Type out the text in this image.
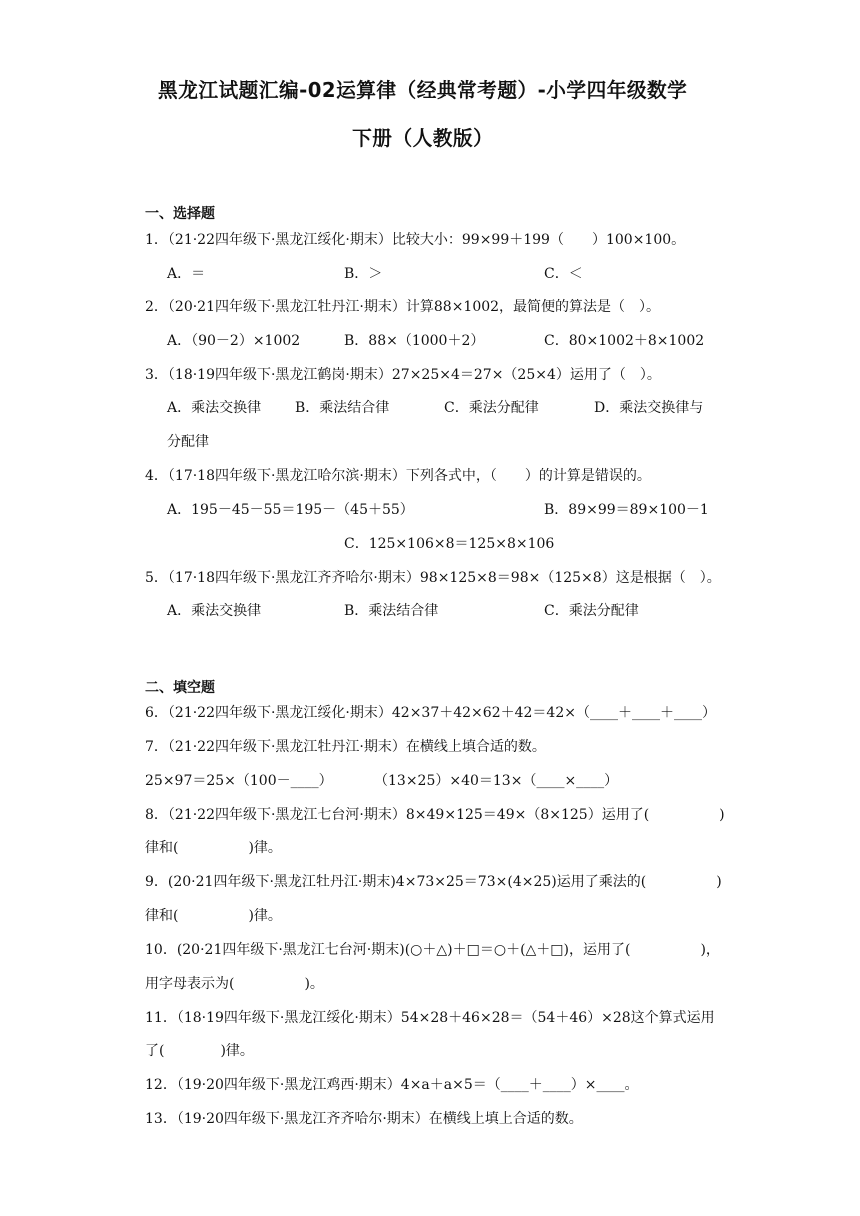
黑龙江试题汇编-02运算律（经典常考题）-小学四年级数学
下册（人教版）
一、选择题
1．（21·22四年级下·黑龙江绥化·期末）比较大小：99×99＋199（　　）100×100。
A．＝	B．＞	C．＜
2．（20·21四年级下·黑龙江牡丹江·期末）计算88×1002，最简便的算法是（　）。
A．（90－2）×1002	B．88×（1000＋2）	C．80×1002＋8×1002
3．（18·19四年级下·黑龙江鹤岗·期末）27×25×4＝27×（25×4）运用了（　）。
A．乘法交换律 B．乘法结合律	C．乘法分配律	D．乘法交换律与
分配律
4．（17·18四年级下·黑龙江哈尔滨·期末）下列各式中，（　　）的计算是错误的。
A．195－45－55＝195－（45＋55）	B．89×99＝89×100－1
C．125×106×8＝125×8×106
5．（17·18四年级下·黑龙江齐齐哈尔·期末）98×125×8＝98×（125×8）这是根据（　）。
A．乘法交换律	B．乘法结合律	C．乘法分配律
二、填空题
6．（21·22四年级下·黑龙江绥化·期末）42×37＋42×62＋42＝42×（____＋____＋____）
7．（21·22四年级下·黑龙江牡丹江·期末）在横线上填合适的数。
25×97＝25×（100－____）	（13×25）×40＝13×（____×____）
8．（21·22四年级下·黑龙江七台河·期末）8×49×125＝49×（8×125）运用了(　　　　　)
律和(　　　　　)律。
9．(20·21四年级下·黑龙江牡丹江·期末)4×73×25＝73×(4×25)运用了乘法的(　　　　　)
律和(　　　　　)律。
10．(20·21四年级下·黑龙江七台河·期末)(○＋△)＋□＝○＋(△＋□)，运用了(　　　　　)，
用字母表示为(　　　　　)。
11．（18·19四年级下·黑龙江绥化·期末）54×28＋46×28＝（54＋46）×28这个算式运用
了(　　　　)律。
12．（19·20四年级下·黑龙江鸡西·期末）4×a＋a×5＝（____＋____）×____。
13．（19·20四年级下·黑龙江齐齐哈尔·期末）在横线上填上合适的数。
